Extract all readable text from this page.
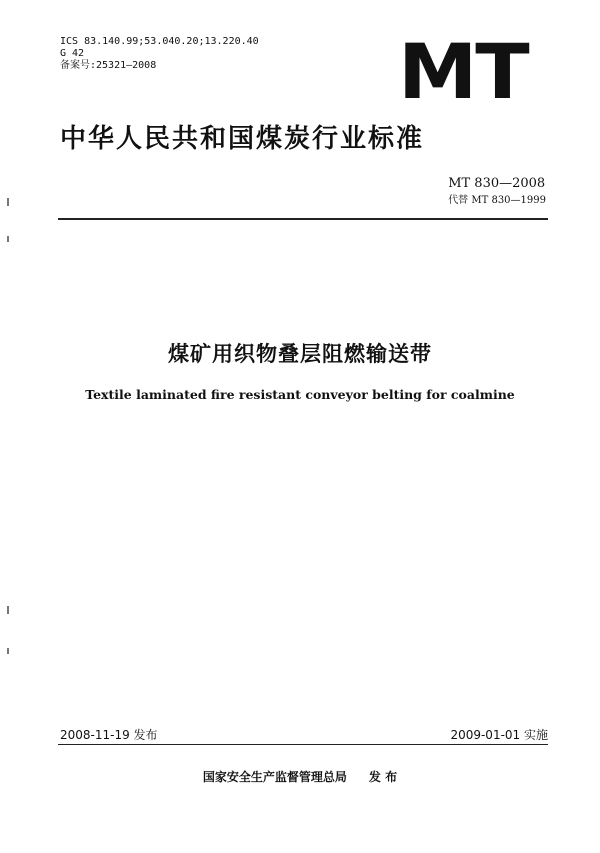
ICS 83.140.99;53.040.20;13.220.40
G 42
备案号:25321—2008	MT
中华人民共和国煤炭行业标准
MT 830—2008
代替 MT 830—1999
煤矿用织物叠层阻燃输送带
Textile laminated fire resistant conveyor belting for coalmine
2008-11-19 发布	2009-01-01 实施
国家安全生产监督管理总局 发 布
